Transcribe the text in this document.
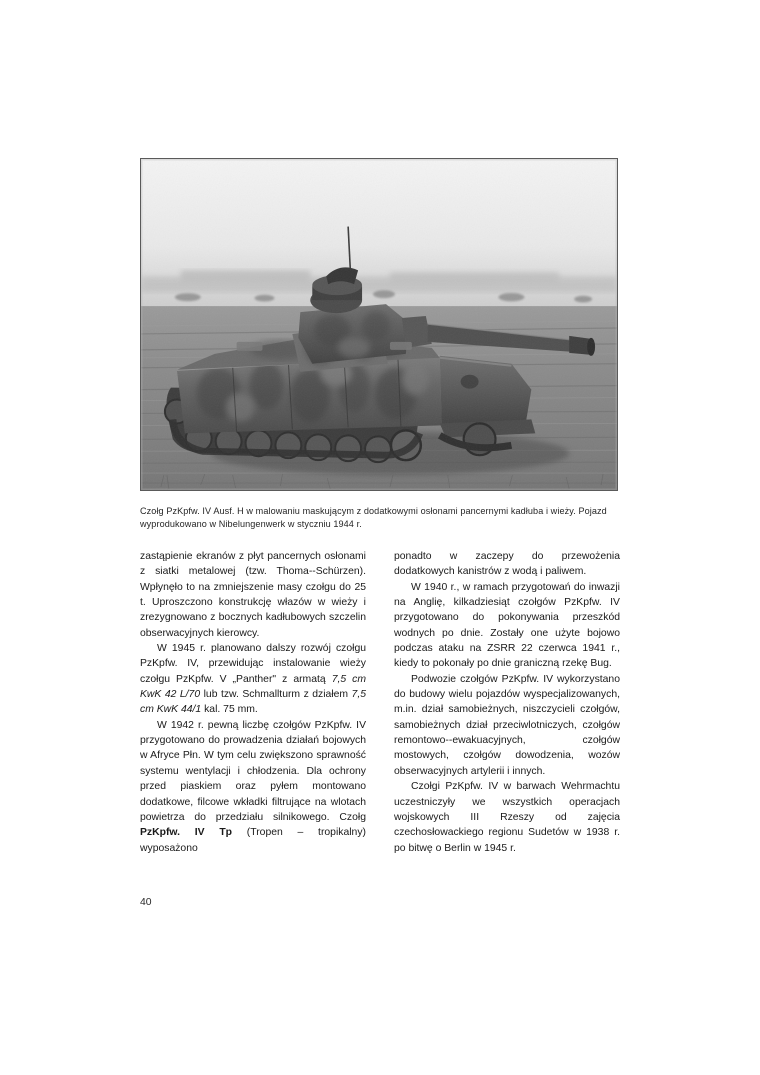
Czołg PzKpfw. IV Ausf. H w malowaniu maskującym z dodatkowymi osłonami pancernymi kadłuba i wieży. Pojazd wyprodukowano w Nibelungenwerk w styczniu 1944 r.

zastąpienie ekranów z płyt pancernych osłonami z siatki metalowej (tzw. Thoma--Schürzen). Wpłynęło to na zmniejszenie masy czołgu do 25 t. Uproszczono konstrukcję włazów w wieży i zrezygnowano z bocznych kadłubowych szczelin obserwacyjnych kierowcy.

W 1945 r. planowano dalszy rozwój czołgu PzKpfw. IV, przewidując instalowanie wieży czołgu PzKpfw. V „Panther" z armatą 7,5 cm KwK 42 L/70 lub tzw. Schmallturm z działem 7,5 cm KwK 44/1 kal. 75 mm.

W 1942 r. pewną liczbę czołgów PzKpfw. IV przygotowano do prowadzenia działań bojowych w Afryce Płn. W tym celu zwiększono sprawność systemu wentylacji i chłodzenia. Dla ochrony przed piaskiem oraz pyłem montowano dodatkowe, filcowe wkładki filtrujące na wlotach powietrza do przedziału silnikowego. Czołg PzKpfw. IV Tp (Tropen – tropikalny) wyposażono

ponadto w zaczepy do przewożenia dodatkowych kanistrów z wodą i paliwem.

W 1940 r., w ramach przygotowań do inwazji na Anglię, kilkadziesiąt czołgów PzKpfw. IV przygotowano do pokonywania przeszkód wodnych po dnie. Zostały one użyte bojowo podczas ataku na ZSRR 22 czerwca 1941 r., kiedy to pokonały po dnie graniczną rzekę Bug.

Podwozie czołgów PzKpfw. IV wykorzystano do budowy wielu pojazdów wyspecjalizowanych, m.in. dział samobieżnych, niszczycieli czołgów, samobieżnych dział przeciwlotniczych, czołgów remontowo--ewakuacyjnych, czołgów mostowych, czołgów dowodzenia, wozów obserwacyjnych artylerii i innych.

Czołgi PzKpfw. IV w barwach Wehrmachtu uczestniczyły we wszystkich operacjach wojskowych III Rzeszy od zajęcia czechosłowackiego regionu Sudetów w 1938 r. po bitwę o Berlin w 1945 r.

40
